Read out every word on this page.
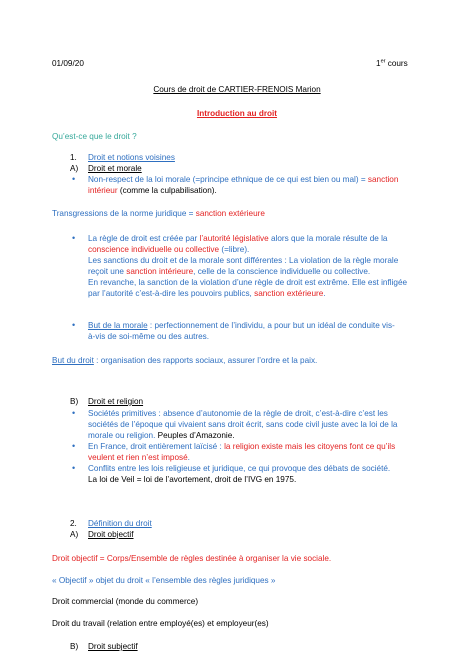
01/09/20	1er cours
Cours de droit de CARTIER-FRENOIS Marion
Introduction au droit
Qu’est-ce que le droit ?
1. Droit et notions voisines
A) Droit et morale
• Non-respect de la loi morale (=principe ethnique de ce qui est bien ou mal) = sanction
intérieur (comme la culpabilisation).
Transgressions de la norme juridique = sanction extérieure
• La règle de droit est créée par l’autorité législative alors que la morale résulte de la
conscience individuelle ou collective (=libre).
Les sanctions du droit et de la morale sont différentes : La violation de la règle morale
reçoit une sanction intérieure, celle de la conscience individuelle ou collective.
En revanche, la sanction de la violation d’une règle de droit est extrême. Elle est infligée
par l’autorité c’est-à-dire les pouvoirs publics, sanction extérieure.
• But de la morale : perfectionnement de l’individu, a pour but un idéal de conduite vis-
à-vis de soi-même ou des autres.
But du droit : organisation des rapports sociaux, assurer l’ordre et la paix.
B) Droit et religion
• Sociétés primitives : absence d’autonomie de la règle de droit, c’est-à-dire c’est les
sociétés de l’époque qui vivaient sans droit écrit, sans code civil juste avec la loi de la
morale ou religion. Peuples d’Amazonie.
• En France, droit entièrement laïcisé : la religion existe mais les citoyens font ce qu’ils
veulent et rien n’est imposé.
• Conflits entre les lois religieuse et juridique, ce qui provoque des débats de société.
La loi de Veil = loi de l’avortement, droit de l’IVG en 1975.
2. Définition du droit
A) Droit objectif
Droit objectif = Corps/Ensemble de règles destinée à organiser la vie sociale.
« Objectif » objet du droit « l’ensemble des règles juridiques »
Droit commercial (monde du commerce)
Droit du travail (relation entre employé(es) et employeur(es)
B) Droit subjectif
